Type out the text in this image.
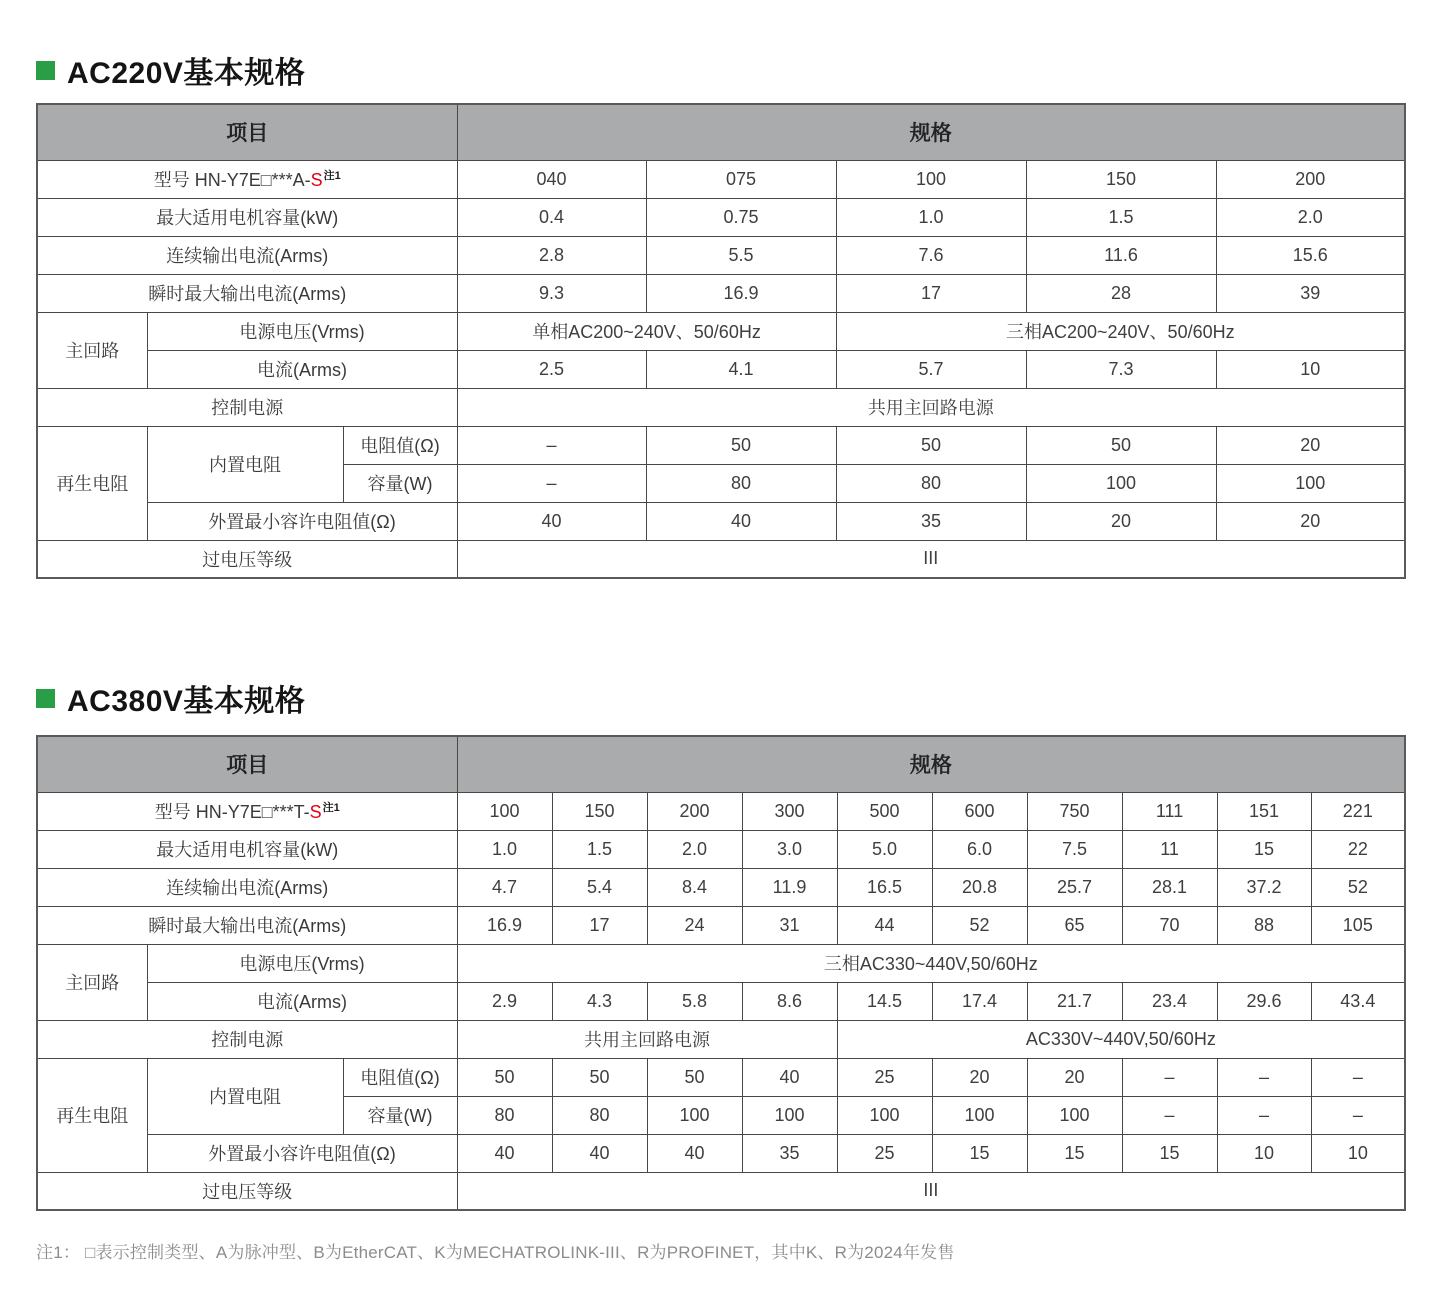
AC220V基本规格
项目			规格				
型号 HN-Y7E□***A-S$^{注1}$			040	075	100	150	200
最大适用电机容量(kW)			0.4	0.75	1.0	1.5	2.0
连续输出电流(Arms)			2.8	5.5	7.6	11.6	15.6
瞬时最大输出电流(Arms)			9.3	16.9	17	28	39
主回路	电源电压(Vrms)		单相AC200~240V、50/60Hz		三相AC200~240V、50/60Hz		
	电流(Arms)		2.5	4.1	5.7	7.3	10
控制电源			共用主回路电源				
再生电阻	内置电阻	电阻值(Ω)	–	50	50	50	20
		容量(W)	–	80	80	100	100
	外置最小容许电阻值(Ω)		40	40	35	20	20
过电压等级			III				
AC380V基本规格
项目			规格									
型号 HN-Y7E□***T-S$^{注1}$			100	150	200	300	500	600	750	111	151	221
最大适用电机容量(kW)			1.0	1.5	2.0	3.0	5.0	6.0	7.5	11	15	22
连续输出电流(Arms)			4.7	5.4	8.4	11.9	16.5	20.8	25.7	28.1	37.2	52
瞬时最大输出电流(Arms)			16.9	17	24	31	44	52	65	70	88	105
主回路	电源电压(Vrms)		三相AC330~440V,50/60Hz									
	电流(Arms)		2.9	4.3	5.8	8.6	14.5	17.4	21.7	23.4	29.6	43.4
控制电源			共用主回路电源				AC330V~440V,50/60Hz					
再生电阻	内置电阻	电阻值(Ω)	50	50	50	40	25	20	20	–	–	–
		容量(W)	80	80	100	100	100	100	100	–	–	–
	外置最小容许电阻值(Ω)		40	40	40	35	25	15	15	15	10	10
过电压等级			III									

注1： □表示控制类型、A为脉冲型、B为EtherCAT、K为MECHATROLINK-III、R为PROFINET，其中K、R为2024年发售
